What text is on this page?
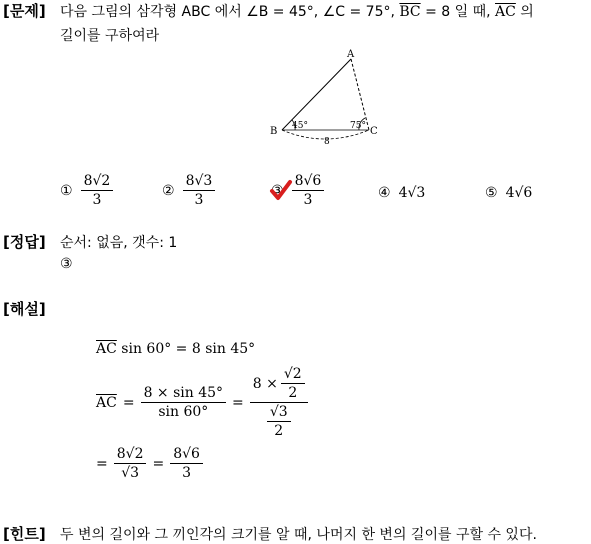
[문제] 다음 그림의 삼각형 ABC 에서 ∠B = 45°, ∠C = 75°, $\overline{BC} = 8$ 일 때, $\overline{AC}$ 의
길이를 구하여라
A
B	C
45°	75°
8
① $\frac{8√2}{3}$	② $\frac{8√3}{3}$	③ $\frac{8√6}{3}$	④ 4√3	⑤ 4√6
[정답] 순서: 없음, 갯수: 1
③
[해설]
$\overline{AC}$ sin 60° = 8 sin 45°
$\overline{AC} = \frac{8 \times \sin 45^\circ}{\sin 60^\circ} = \frac{8 \times \frac{√2}{2}}{\frac{√3}{2}}$
= $\frac{8√2}{√3} = \frac{8√6}{3}$
[힌트] 두 변의 길이와 그 끼인각의 크기를 알 때, 나머지 한 변의 길이를 구할 수 있다.
